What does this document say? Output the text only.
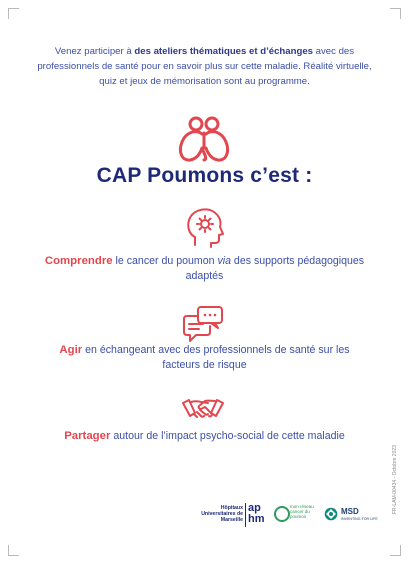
Venez participer à des ateliers thématiques et d’échanges avec des professionnels de santé pour en savoir plus sur cette maladie. Réalité virtuelle, quiz et jeux de mémorisation sont au programme.

CAP Poumons c’est :

Comprendre le cancer du poumon via des supports pédagogiques adaptés

Agir en échangeant avec des professionnels de santé sur les facteurs de risque

Partager autour de l’impact psycho-social de cette maladie

FR-LAM-00434 - Octobre 2023
Hôpitaux Universitaires de Marseille
ap
hm
mon réseau cancer du poumon
MSD
INVENTING FOR LIFE
